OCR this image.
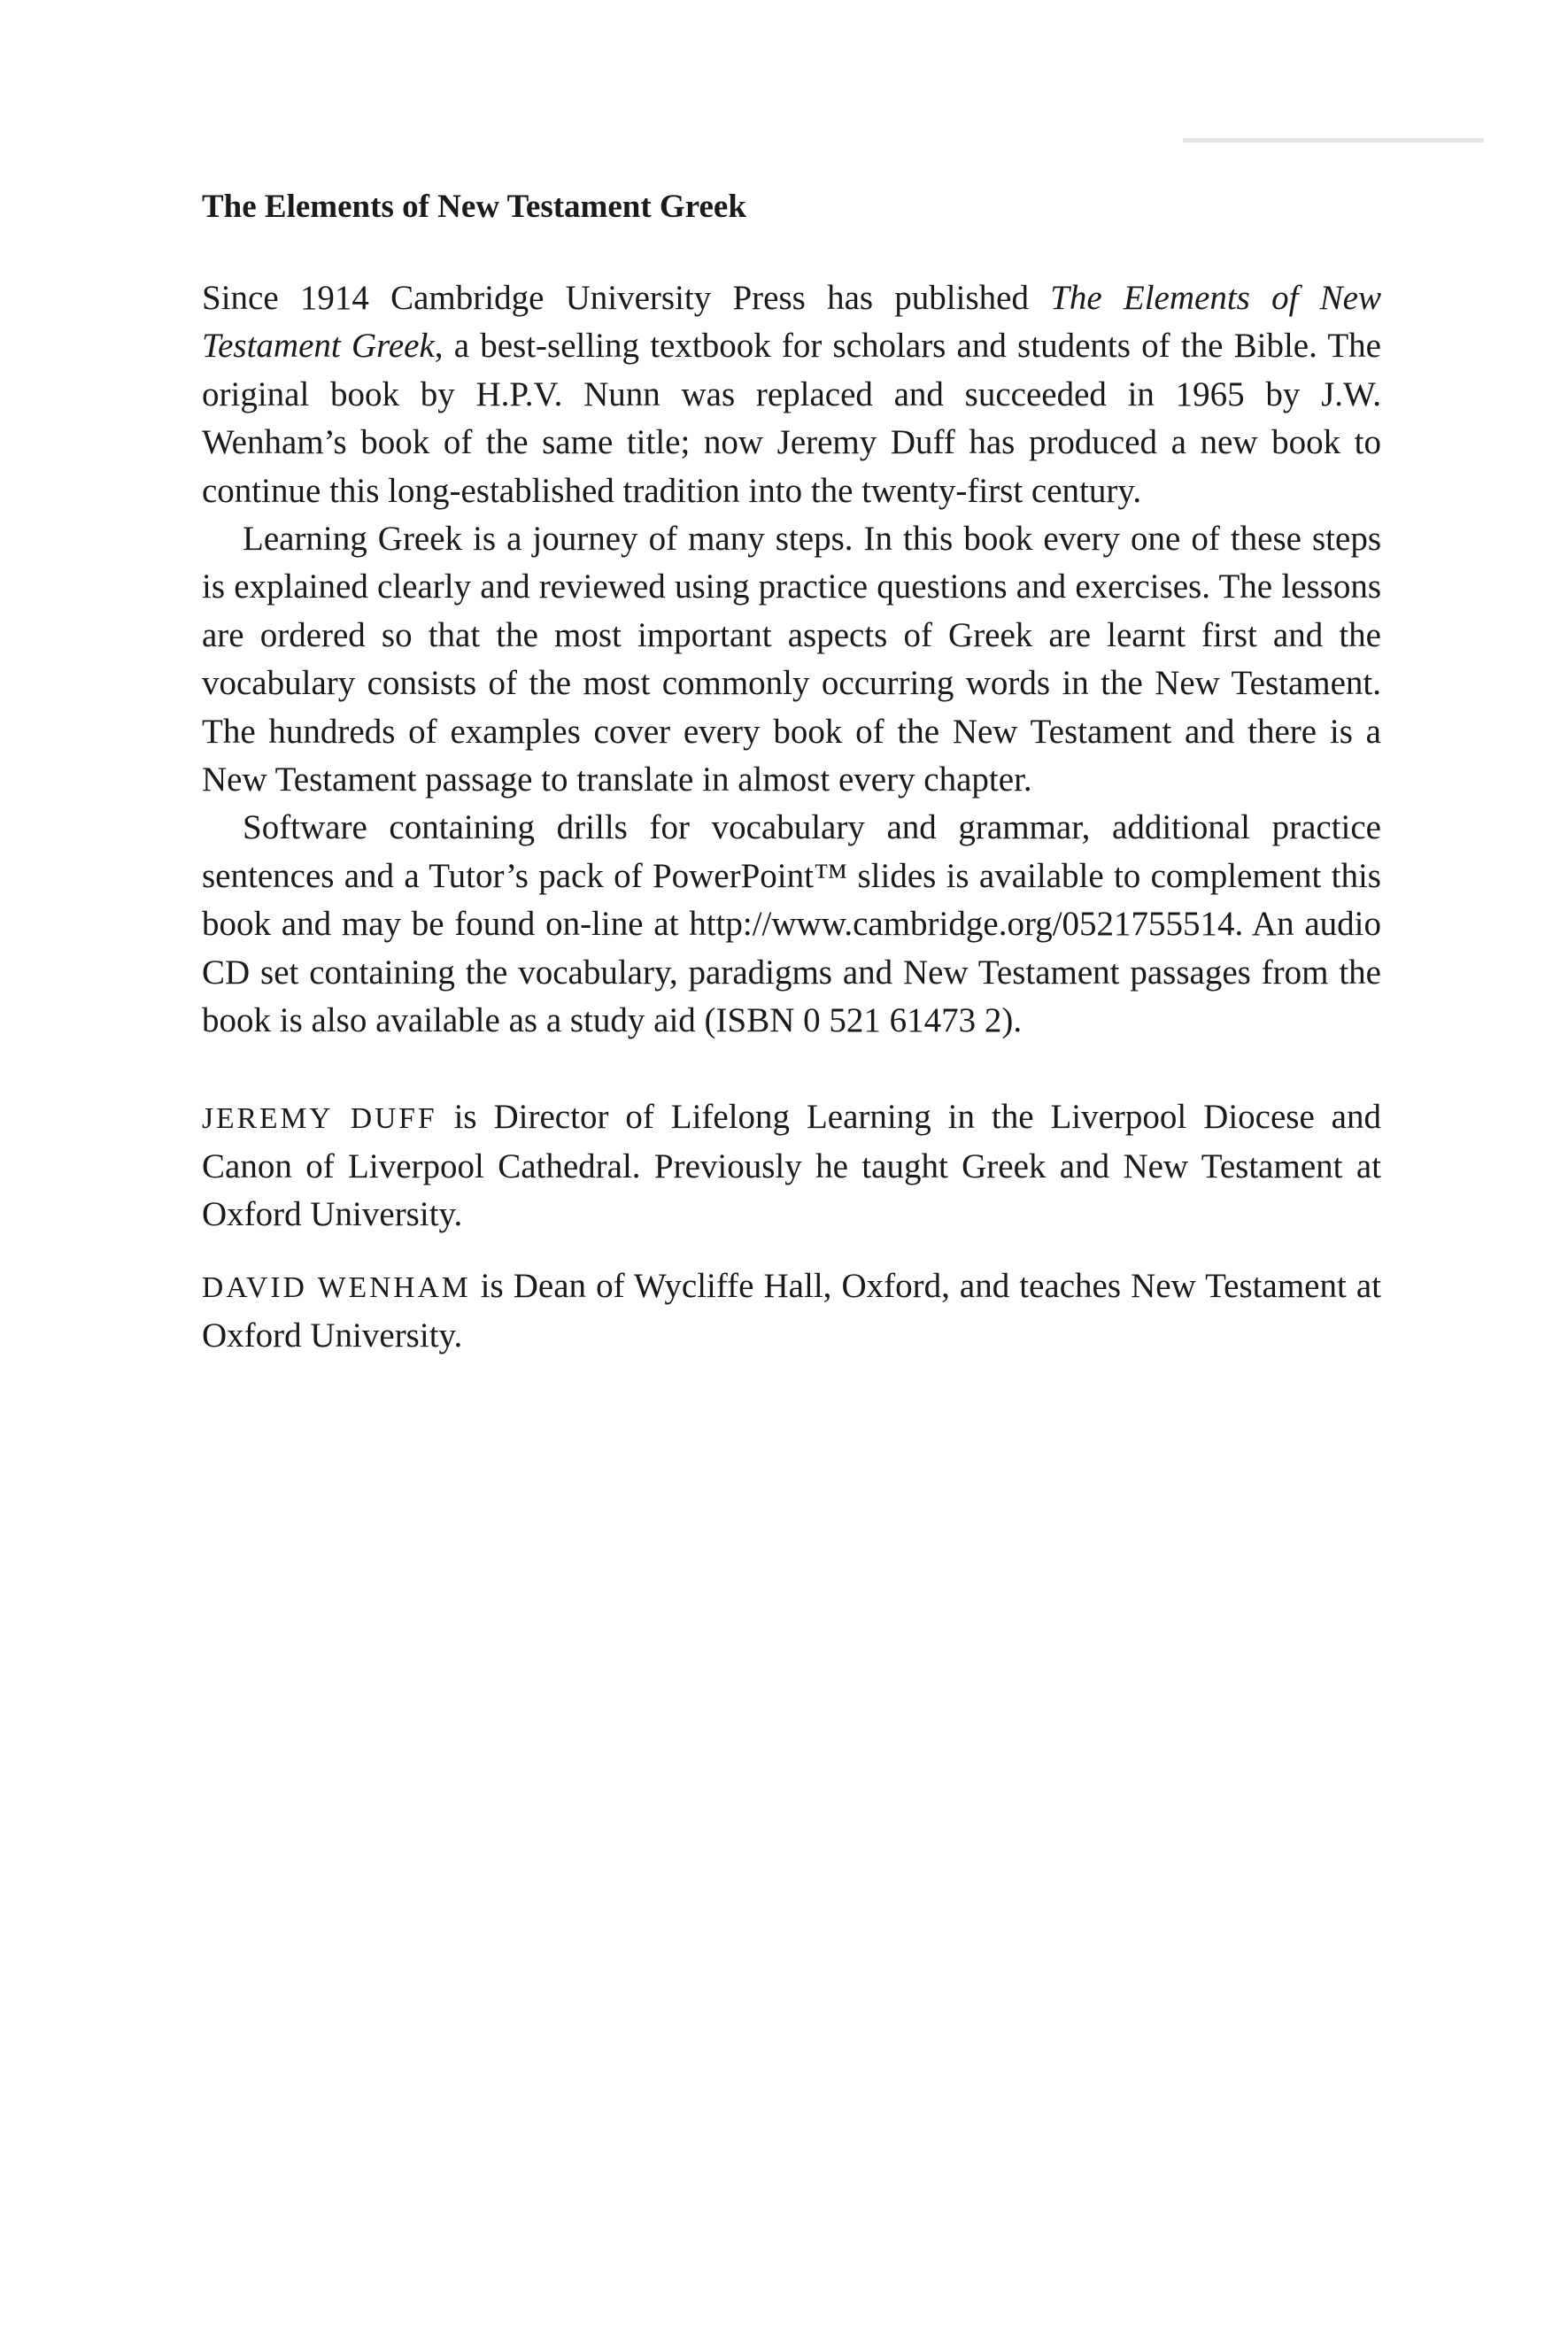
The Elements of New Testament Greek

Since 1914 Cambridge University Press has published The Elements of New Testament Greek, a best-selling textbook for scholars and students of the Bible. The original book by H.P.V. Nunn was replaced and succeeded in 1965 by J.W. Wenham’s book of the same title; now Jeremy Duff has produced a new book to continue this long-established tradition into the twenty-first century.

Learning Greek is a journey of many steps. In this book every one of these steps is explained clearly and reviewed using practice questions and exercises. The lessons are ordered so that the most important aspects of Greek are learnt first and the vocabulary consists of the most commonly occurring words in the New Testament. The hundreds of examples cover every book of the New Testament and there is a New Testament passage to translate in almost every chapter.

Software containing drills for vocabulary and grammar, additional practice sentences and a Tutor’s pack of PowerPoint™ slides is available to complement this book and may be found on-line at http://www.cambridge.org/0521755514. An audio CD set containing the vocabulary, paradigms and New Testament passages from the book is also available as a study aid (ISBN 0 521 61473 2).

JEREMY DUFF is Director of Lifelong Learning in the Liverpool Diocese and Canon of Liverpool Cathedral. Previously he taught Greek and New Testament at Oxford University.

DAVID WENHAM is Dean of Wycliffe Hall, Oxford, and teaches New Testament at Oxford University.
